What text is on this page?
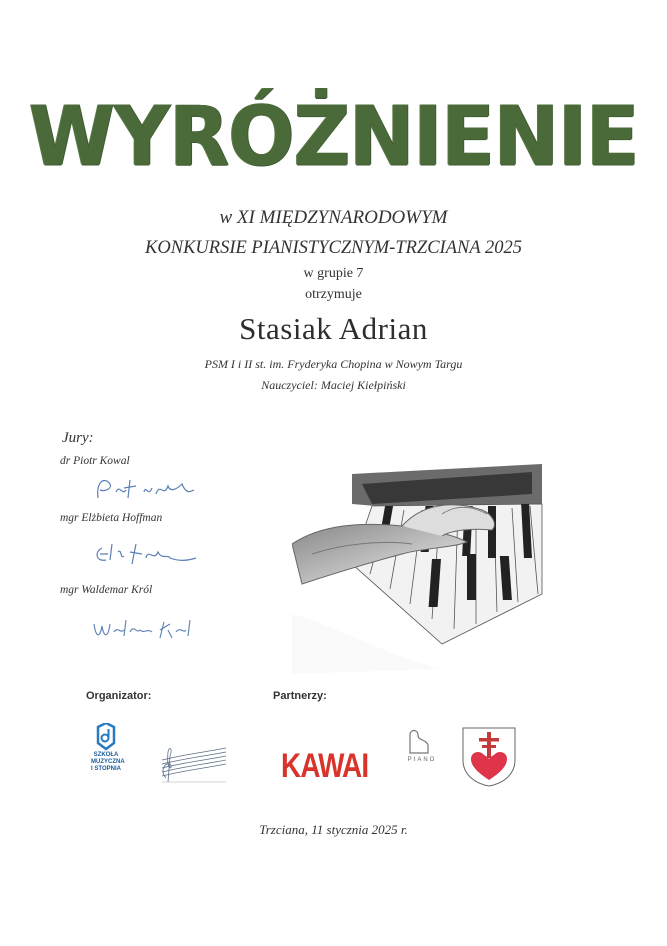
WYRÓŻNIENIE
w XI MIĘDZYNARODOWYM
KONKURSIE PIANISTYCZNYM-TRZCIANA 2025
w grupie 7
otrzymuje
Stasiak Adrian
PSM I i II st. im. Fryderyka Chopina w Nowym Targu
Nauczyciel: Maciej Kiełpiński
Jury:
dr Piotr Kowal
mgr Elżbieta Hoffman
mgr Waldemar Król
Organizator:
SZKOŁA MUZYCZNA I STOPNIA
Partnerzy:
KAWAI	PIANO
Trzciana, 11 stycznia 2025 r.
